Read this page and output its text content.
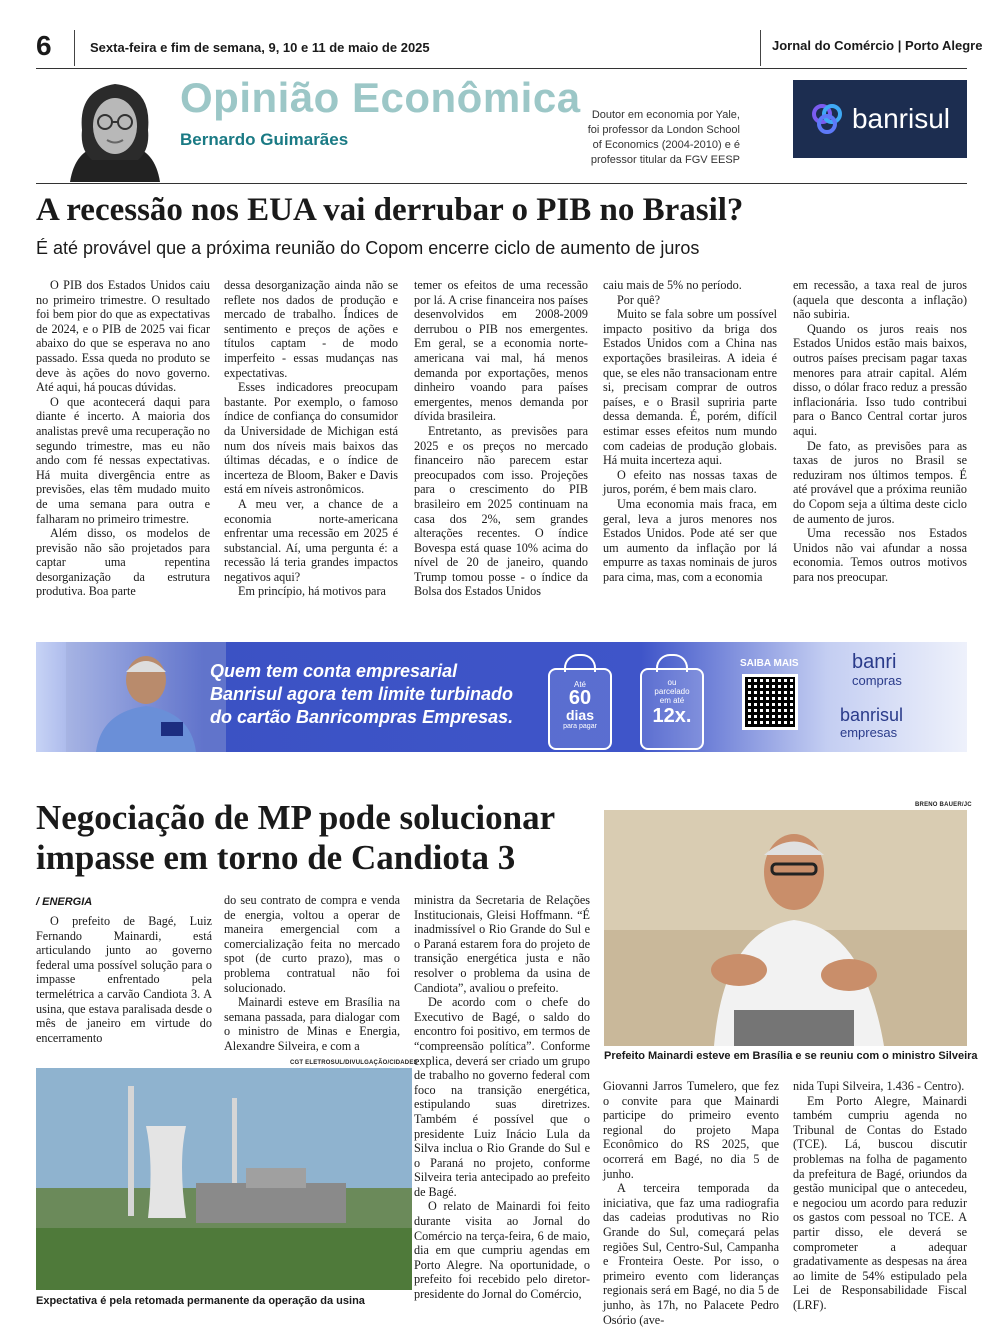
6	Sexta-feira e fim de semana, 9, 10 e 11 de maio de 2025	Jornal do Comércio | Porto Alegre
Opinião Econômica
Bernardo Guimarães
Doutor em economia por Yale,
foi professor da London School
of Economics (2004-2010) e é
professor titular da FGV EESP
banrisul
A recessão nos EUA vai derrubar o PIB no Brasil?
É até provável que a próxima reunião do Copom encerre ciclo de aumento de juros

O PIB dos Estados Unidos caiu no primeiro trimestre. O resultado foi bem pior do que as expectativas de 2024, e o PIB de 2025 vai ficar abaixo do que se esperava no ano passado. Essa queda no produto se deve às ações do novo governo. Até aqui, há poucas dúvidas.

O que acontecerá daqui para diante é incerto. A maioria dos analistas prevê uma recuperação no segundo trimestre, mas eu não ando com fé nessas expectativas. Há muita divergência entre as previsões, elas têm mudado muito de uma semana para outra e falharam no primeiro trimestre.

Além disso, os modelos de previsão não são projetados para captar uma repentina desorganização da estrutura produtiva. Boa parte

dessa desorganização ainda não se reflete nos dados de produção e mercado de trabalho. Índices de sentimento e preços de ações e títulos captam - de modo imperfeito - essas mudanças nas expectativas.

Esses indicadores preocupam bastante. Por exemplo, o famoso índice de confiança do consumidor da Universidade de Michigan está num dos níveis mais baixos das últimas décadas, e o índice de incerteza de Bloom, Baker e Davis está em níveis astronômicos.

A meu ver, a chance de a economia norte-americana enfrentar uma recessão em 2025 é substancial. Aí, uma pergunta é: a recessão lá teria grandes impactos negativos aqui?

Em princípio, há motivos para

temer os efeitos de uma recessão por lá. A crise financeira nos países desenvolvidos em 2008-2009 derrubou o PIB nos emergentes. Em geral, se a economia norte-americana vai mal, há menos demanda por exportações, menos dinheiro voando para países emergentes, menos demanda por dívida brasileira.

Entretanto, as previsões para 2025 e os preços no mercado financeiro não parecem estar preocupados com isso. Projeções para o crescimento do PIB brasileiro em 2025 continuam na casa dos 2%, sem grandes alterações recentes. O índice Bovespa está quase 10% acima do nível de 20 de janeiro, quando Trump tomou posse - o índice da Bolsa dos Estados Unidos

caiu mais de 5% no período.

Por quê?

Muito se fala sobre um possível impacto positivo da briga dos Estados Unidos com a China nas exportações brasileiras. A ideia é que, se eles não transacionam entre si, precisam comprar de outros países, e o Brasil supriria parte dessa demanda. É, porém, difícil estimar esses efeitos num mundo com cadeias de produção globais. Há muita incerteza aqui.

O efeito nas nossas taxas de juros, porém, é bem mais claro.

Uma economia mais fraca, em geral, leva a juros menores nos Estados Unidos. Pode até ser que um aumento da inflação por lá empurre as taxas nominais de juros para cima, mas, com a economia

em recessão, a taxa real de juros (aquela que desconta a inflação) não subiria.

Quando os juros reais nos Estados Unidos estão mais baixos, outros países precisam pagar taxas menores para atrair capital. Além disso, o dólar fraco reduz a pressão inflacionária. Isso tudo contribui para o Banco Central cortar juros aqui.

De fato, as previsões para as taxas de juros no Brasil se reduziram nos últimos tempos. É até provável que a próxima reunião do Copom seja a última deste ciclo de aumento de juros.

Uma recessão nos Estados Unidos não vai afundar a nossa economia. Temos outros motivos para nos preocupar.

Quem tem conta empresarial
Banrisul agora tem limite turbinado
do cartão Banricompras Empresas.
Até
60
dias
para pagar
ou
parcelado
em até
12x.
SAIBA MAIS	banri
compras
banrisul
empresas
Negociação de MP pode solucionar
impasse em torno de Candiota 3
/ ENERGIA
BRENO BAUER/JC
Prefeito Mainardi esteve em Brasília e se reuniu com o ministro Silveira

O prefeito de Bagé, Luiz Fernando Mainardi, está articulando junto ao governo federal uma possível solução para o impasse enfrentado pela termelétrica a carvão Candiota 3. A usina, que estava paralisada desde o mês de janeiro em virtude do encerramento

do seu contrato de compra e venda de energia, voltou a operar de maneira emergencial com a comercialização feita no mercado spot (de curto prazo), mas o problema contratual não foi solucionado.

Mainardi esteve em Brasília na semana passada, para dialogar com o ministro de Minas e Energia, Alexandre Silveira, e com a

CGT ELETROSUL/DIVULGAÇÃO/CIDADES
Expectativa é pela retomada permanente da operação da usina

ministra da Secretaria de Relações Institucionais, Gleisi Hoffmann. “É inadmissível o Rio Grande do Sul e o Paraná estarem fora do projeto de transição energética justa e não resolver o problema da usina de Candiota”, avaliou o prefeito.

De acordo com o chefe do Executivo de Bagé, o saldo do encontro foi positivo, em termos de “compreensão política”. Conforme explica, deverá ser criado um grupo de trabalho no governo federal com foco na transição energética, estipulando suas diretrizes. Também é possível que o presidente Luiz Inácio Lula da Silva inclua o Rio Grande do Sul e o Paraná no projeto, conforme Silveira teria antecipado ao prefeito de Bagé.

O relato de Mainardi foi feito durante visita ao Jornal do Comércio na terça-feira, 6 de maio, dia em que cumpriu agendas em Porto Alegre. Na oportunidade, o prefeito foi recebido pelo diretor-presidente do Jornal do Comércio,

Giovanni Jarros Tumelero, que fez o convite para que Mainardi participe do primeiro evento regional do projeto Mapa Econômico do RS 2025, que ocorrerá em Bagé, no dia 5 de junho.

A terceira temporada da iniciativa, que faz uma radiografia das cadeias produtivas no Rio Grande do Sul, começará pelas regiões Sul, Centro-Sul, Campanha e Fronteira Oeste. Por isso, o primeiro evento com lideranças regionais será em Bagé, no dia 5 de junho, às 17h, no Palacete Pedro Osório (ave-

nida Tupi Silveira, 1.436 - Centro).

Em Porto Alegre, Mainardi também cumpriu agenda no Tribunal de Contas do Estado (TCE). Lá, buscou discutir problemas na folha de pagamento da prefeitura de Bagé, oriundos da gestão municipal que o antecedeu, e negociou um acordo para reduzir os gastos com pessoal no TCE. A partir disso, ele deverá se comprometer a adequar gradativamente as despesas na área ao limite de 54% estipulado pela Lei de Responsabilidade Fiscal (LRF).
